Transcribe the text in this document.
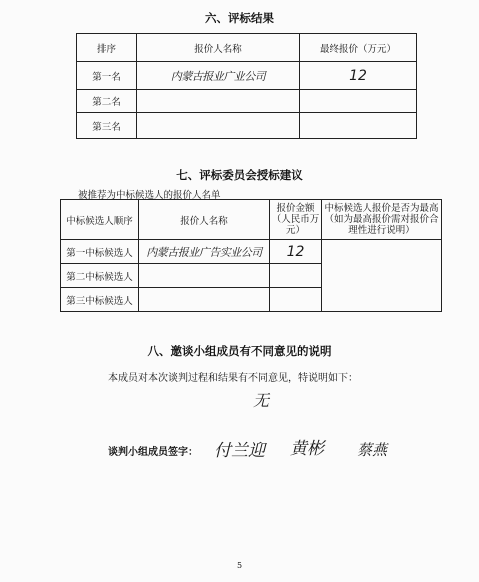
六、评标结果
排序	报价人名称	最终报价（万元）
第一名	内蒙古报业广业公司	12
第二名		
第三名		
七、评标委员会授标建议
被推荐为中标候选人的报价人名单
中标候选人顺序	报价人名称	报价金额（人民币万元）	中标候选人报价是否为最高（如为最高报价需对报价合理性进行说明）
第一中标候选人	内蒙古报业广告实业公司	12	
第二中标候选人			
第三中标候选人			
八、邀谈小组成员有不同意见的说明
本成员对本次谈判过程和结果有不同意见，特说明如下：
无
谈判小组成员签字： 付兰迎 黄彬 蔡燕
5
